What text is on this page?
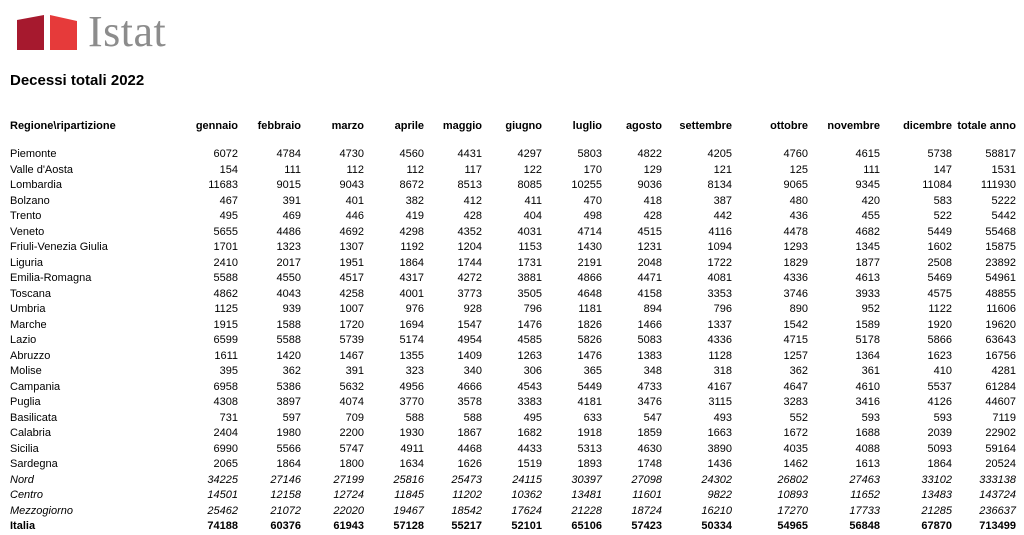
Istat
Decessi totali 2022
Regione\ripartizione	gennaio	febbraio	marzo	aprile	maggio	giugno	luglio	agosto	settembre	ottobre	novembre	dicembre	totale anno

Piemonte	6072	4784	4730	4560	4431	4297	5803	4822	4205	4760	4615	5738	58817
Valle d'Aosta	154	111	112	112	117	122	170	129	121	125	111	147	1531
Lombardia	11683	9015	9043	8672	8513	8085	10255	9036	8134	9065	9345	11084	111930
Bolzano	467	391	401	382	412	411	470	418	387	480	420	583	5222
Trento	495	469	446	419	428	404	498	428	442	436	455	522	5442
Veneto	5655	4486	4692	4298	4352	4031	4714	4515	4116	4478	4682	5449	55468
Friuli-Venezia Giulia	1701	1323	1307	1192	1204	1153	1430	1231	1094	1293	1345	1602	15875
Liguria	2410	2017	1951	1864	1744	1731	2191	2048	1722	1829	1877	2508	23892
Emilia-Romagna	5588	4550	4517	4317	4272	3881	4866	4471	4081	4336	4613	5469	54961
Toscana	4862	4043	4258	4001	3773	3505	4648	4158	3353	3746	3933	4575	48855
Umbria	1125	939	1007	976	928	796	1181	894	796	890	952	1122	11606
Marche	1915	1588	1720	1694	1547	1476	1826	1466	1337	1542	1589	1920	19620
Lazio	6599	5588	5739	5174	4954	4585	5826	5083	4336	4715	5178	5866	63643
Abruzzo	1611	1420	1467	1355	1409	1263	1476	1383	1128	1257	1364	1623	16756
Molise	395	362	391	323	340	306	365	348	318	362	361	410	4281
Campania	6958	5386	5632	4956	4666	4543	5449	4733	4167	4647	4610	5537	61284
Puglia	4308	3897	4074	3770	3578	3383	4181	3476	3115	3283	3416	4126	44607
Basilicata	731	597	709	588	588	495	633	547	493	552	593	593	7119
Calabria	2404	1980	2200	1930	1867	1682	1918	1859	1663	1672	1688	2039	22902
Sicilia	6990	5566	5747	4911	4468	4433	5313	4630	3890	4035	4088	5093	59164
Sardegna	2065	1864	1800	1634	1626	1519	1893	1748	1436	1462	1613	1864	20524
Nord	34225	27146	27199	25816	25473	24115	30397	27098	24302	26802	27463	33102	333138
Centro	14501	12158	12724	11845	11202	10362	13481	11601	9822	10893	11652	13483	143724
Mezzogiorno	25462	21072	22020	19467	18542	17624	21228	18724	16210	17270	17733	21285	236637
Italia	74188	60376	61943	57128	55217	52101	65106	57423	50334	54965	56848	67870	713499
